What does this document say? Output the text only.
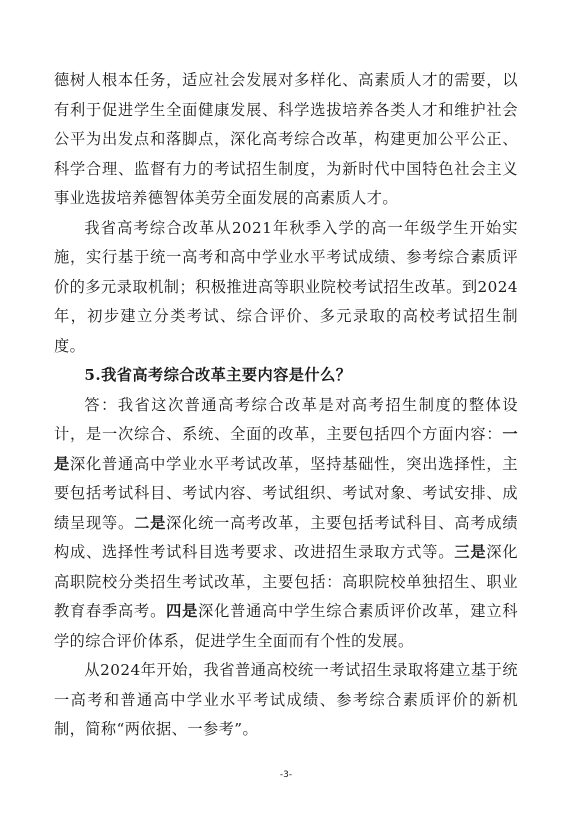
德树人根本任务，适应社会发展对多样化、高素质人才的需要，以有利于促进学生全面健康发展、科学选拔培养各类人才和维护社会公平为出发点和落脚点，深化高考综合改革，构建更加公平公正、科学合理、监督有力的考试招生制度，为新时代中国特色社会主义事业选拔培养德智体美劳全面发展的高素质人才。

我省高考综合改革从2021年秋季入学的高一年级学生开始实施，实行基于统一高考和高中学业水平考试成绩、参考综合素质评价的多元录取机制；积极推进高等职业院校考试招生改革。到2024年，初步建立分类考试、综合评价、多元录取的高校考试招生制度。

5.我省高考综合改革主要内容是什么？

答：我省这次普通高考综合改革是对高考招生制度的整体设计，是一次综合、系统、全面的改革，主要包括四个方面内容：一是深化普通高中学业水平考试改革，坚持基础性，突出选择性，主要包括考试科目、考试内容、考试组织、考试对象、考试安排、成绩呈现等。二是深化统一高考改革，主要包括考试科目、高考成绩构成、选择性考试科目选考要求、改进招生录取方式等。三是深化高职院校分类招生考试改革，主要包括：高职院校单独招生、职业教育春季高考。四是深化普通高中学生综合素质评价改革，建立科学的综合评价体系，促进学生全面而有个性的发展。

从2024年开始，我省普通高校统一考试招生录取将建立基于统一高考和普通高中学业水平考试成绩、参考综合素质评价的新机制，简称“两依据、一参考”。

-3-
